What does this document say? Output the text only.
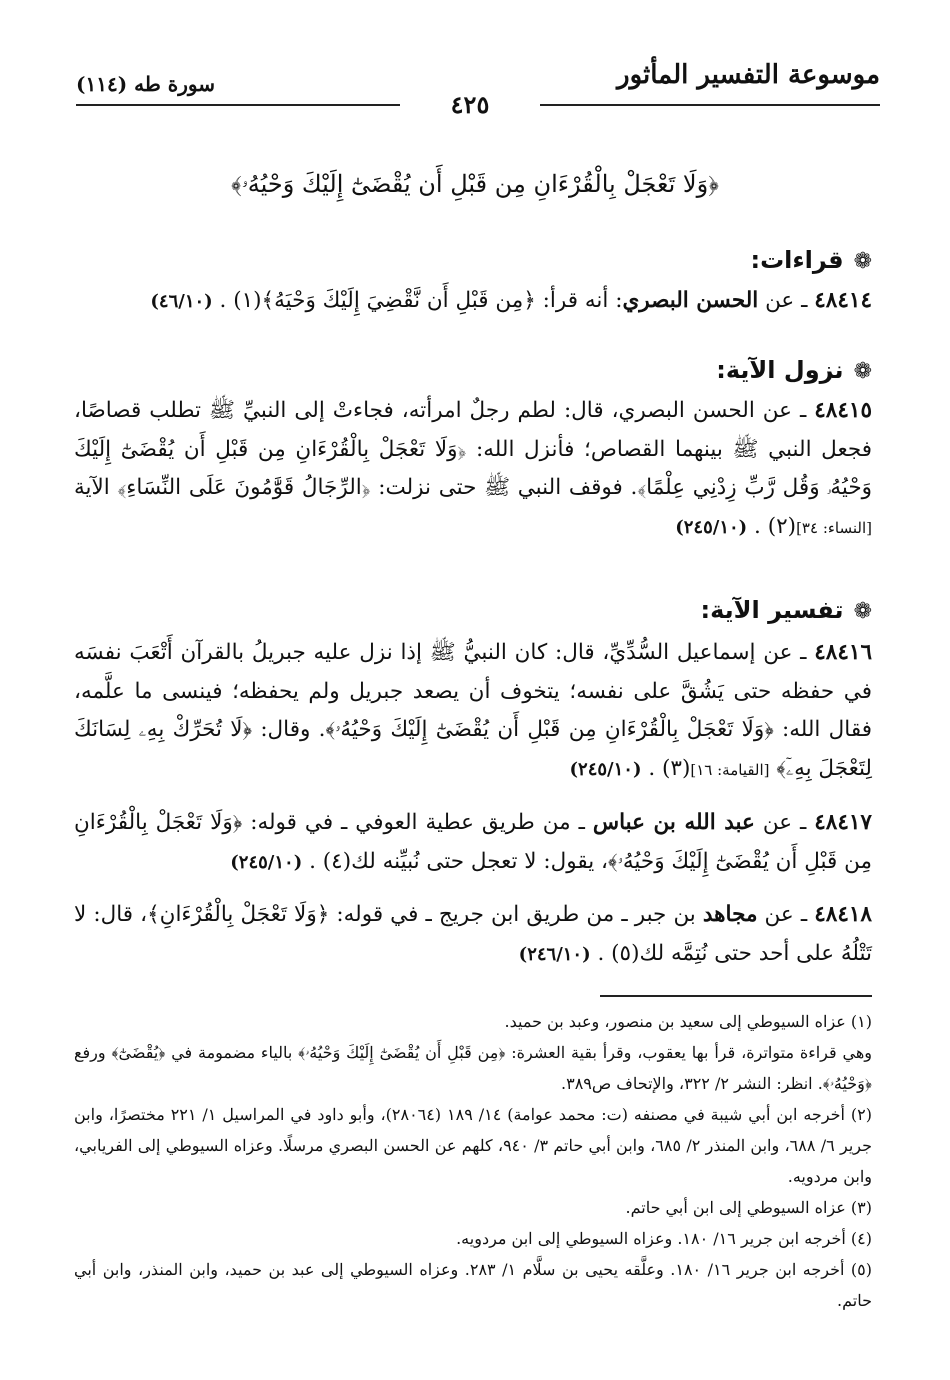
موسوعة التفسير المأثور
سورة طه (١١٤)
٤٢٥
﴿وَلَا تَعْجَلْ بِالْقُرْءَانِ مِن قَبْلِ أَن يُقْضَىٰٓ إِلَيْكَ وَحْيُهُۥ﴾
❁قراءات:
٤٨٤١٤ ـ عن الحسن البصري: أنه قرأ: ﴿مِن قَبْلِ أَن نَّقْضِيَ إِلَيْكَ وَحْيَهُ﴾(١) . (٤٦/١٠)
❁نزول الآية:
٤٨٤١٥ ـ عن الحسن البصري، قال: لطم رجلٌ امرأته، فجاءتْ إلى النبيِّ ﷺ تطلب قصاصًا، فجعل النبي ﷺ بينهما القصاص؛ فأنزل الله: ﴿وَلَا تَعْجَلْ بِالْقُرْءَانِ مِن قَبْلِ أَن يُقْضَىٰٓ إِلَيْكَ وَحْيُهُۥ وَقُل رَّبِّ زِدْنِي عِلْمًا﴾. فوقف النبي ﷺ حتى نزلت: ﴿الرِّجَالُ قَوَّٰمُونَ عَلَى النِّسَاءِ﴾ الآية [النساء: ٣٤](٢) . (٢٤٥/١٠)
❁تفسير الآية:
٤٨٤١٦ ـ عن إسماعيل السُّدِّيِّ، قال: كان النبيُّ ﷺ إذا نزل عليه جبريلُ بالقرآن أَتْعَبَ نفسَه في حفظه حتى يَشُقَّ على نفسه؛ يتخوف أن يصعد جبريل ولم يحفظه؛ فينسى ما علَّمه، فقال الله: ﴿وَلَا تَعْجَلْ بِالْقُرْءَانِ مِن قَبْلِ أَن يُقْضَىٰٓ إِلَيْكَ وَحْيُهُۥ﴾. وقال: ﴿لَا تُحَرِّكْ بِهِۦ لِسَانَكَ لِتَعْجَلَ بِهِۦٓ﴾ [القيامة: ١٦](٣) . (٢٤٥/١٠)
٤٨٤١٧ ـ عن عبد الله بن عباس ـ من طريق عطية العوفي ـ في قوله: ﴿وَلَا تَعْجَلْ بِالْقُرْءَانِ مِن قَبْلِ أَن يُقْضَىٰٓ إِلَيْكَ وَحْيُهُۥ﴾، يقول: لا تعجل حتى نُبيِّنه لك(٤) . (٢٤٥/١٠)
٤٨٤١٨ ـ عن مجاهد بن جبر ـ من طريق ابن جريج ـ في قوله: ﴿وَلَا تَعْجَلْ بِالْقُرْءَانِ﴾، قال: لا تَتْلُهُ على أحد حتى نُتِمَّه لك(٥) . (٢٤٦/١٠)
(١) عزاه السيوطي إلى سعيد بن منصور، وعبد بن حميد.
وهي قراءة متواترة، قرأ بها يعقوب، وقرأ بقية العشرة: ﴿مِن قَبْلِ أَن يُقْضَىٰٓ إِلَيْكَ وَحْيُهُۥ﴾ بالياء مضمومة في ﴿يُقْضَىٰٓ﴾ ورفع ﴿وَحْيُهُۥ﴾. انظر: النشر ٢/ ٣٢٢، والإتحاف ص٣٨٩.
(٢) أخرجه ابن أبي شيبة في مصنفه (ت: محمد عوامة) ١٤/ ١٨٩ (٢٨٠٦٤)، وأبو داود في المراسيل ١/ ٢٢١ مختصرًا، وابن جرير ٦/ ٦٨٨، وابن المنذر ٢/ ٦٨٥، وابن أبي حاتم ٣/ ٩٤٠، كلهم عن الحسن البصري مرسلًا. وعزاه السيوطي إلى الفريابي، وابن مردويه.
(٣) عزاه السيوطي إلى ابن أبي حاتم.
(٤) أخرجه ابن جرير ١٦/ ١٨٠. وعزاه السيوطي إلى ابن مردويه.
(٥) أخرجه ابن جرير ١٦/ ١٨٠. وعلَّقه يحيى بن سلَّام ١/ ٢٨٣. وعزاه السيوطي إلى عبد بن حميد، وابن المنذر، وابن أبي حاتم.
